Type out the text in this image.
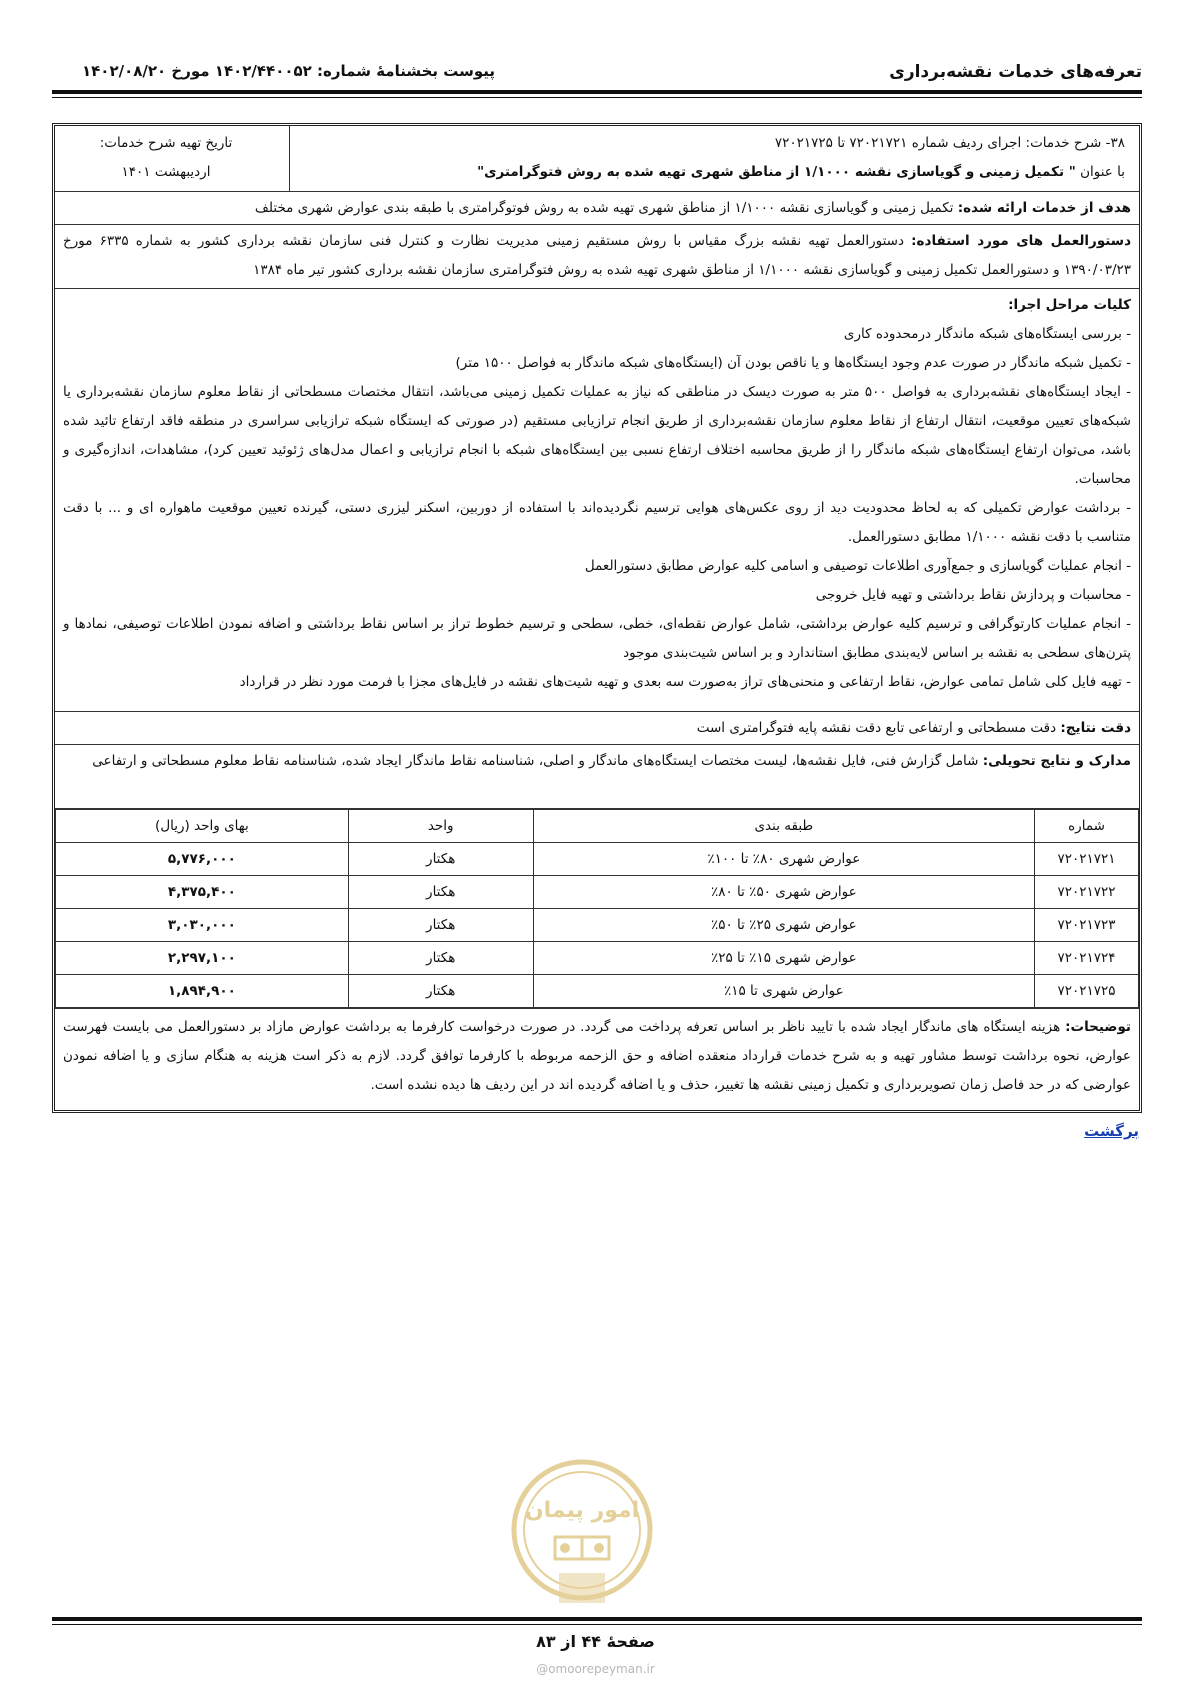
تعرفه‌های خدمات نقشه‌برداری
پیوست بخشنامۀ شماره: ۱۴۰۲/۴۴۰۰۵۲ مورخ ۱۴۰۲/۰۸/۲۰
۳۸- شرح خدمات: اجرای ردیف شماره ۷۲۰۲۱۷۲۱ تا ۷۲۰۲۱۷۲۵
با عنوان " تکمیل زمینی و گویاسازی نقشه ۱/۱۰۰۰ از مناطق شهری تهیه شده به روش فتوگرامتری"
تاریخ تهیه شرح خدمات:
اردیبهشت ۱۴۰۱
هدف از خدمات ارائه شده: تکمیل زمینی و گویاسازی نقشه ۱/۱۰۰۰ از مناطق شهری تهیه شده به روش فوتوگرامتری با طبقه بندی عوارض شهری مختلف
دستورالعمل های مورد استفاده: دستورالعمل تهیه نقشه بزرگ مقیاس با روش مستقیم زمینی مدیریت نظارت و کنترل فنی سازمان نقشه برداری کشور به شماره ۶۳۳۵ مورخ ۱۳۹۰/۰۳/۲۳ و دستورالعمل تکمیل زمینی و گویاسازی نقشه ۱/۱۰۰۰ از مناطق شهری تهیه شده به روش فتوگرامتری سازمان نقشه برداری کشور تیر ماه ۱۳۸۴
کلیات مراحل اجرا:
- بررسی ایستگاه‌های شبکه ماندگار درمحدوده کاری
- تکمیل شبکه ماندگار در صورت عدم وجود ایستگاه‌ها و یا ناقص بودن آن (ایستگاه‌های شبکه ماندگار به فواصل ۱۵۰۰ متر)
- ایجاد ایستگاه‌های نقشه‌برداری به فواصل ۵۰۰ متر به صورت دیسک در مناطقی که نیاز به عملیات تکمیل زمینی می‌باشد، انتقال مختصات مسطحاتی از نقاط معلوم سازمان نقشه‌برداری یا شبکه‌های تعیین موقعیت، انتقال ارتفاع از نقاط معلوم سازمان نقشه‌برداری از طریق انجام ترازیابی مستقیم (در صورتی که ایستگاه شبکه ترازیابی سراسری در منطقه فاقد ارتفاع تائید شده باشد، می‌توان ارتفاع ایستگاه‌های شبکه ماندگار را از طریق محاسبه اختلاف ارتفاع نسبی بین ایستگاه‌های شبکه با انجام ترازیابی و اعمال مدل‌های ژئوئید تعیین کرد)، مشاهدات، اندازه‌گیری و محاسبات.
- برداشت عوارض تکمیلی که به لحاظ محدودیت دید از روی عکس‌های هوایی ترسیم نگردیده‌اند با استفاده از دوربین، اسکنر لیزری دستی، گیرنده تعیین موقعیت ماهواره ای و ... با دقت متناسب با دقت نقشه ۱/۱۰۰۰ مطابق دستورالعمل.
- انجام عملیات گویاسازی و جمع‌آوری اطلاعات توصیفی و اسامی کلیه عوارض مطابق دستورالعمل
- محاسبات و پردازش نقاط برداشتی و تهیه فایل خروجی
- انجام عملیات کارتوگرافی و ترسیم کلیه عوارض برداشتی، شامل عوارض نقطه‌ای، خطی، سطحی و ترسیم خطوط تراز بر اساس نقاط برداشتی و اضافه نمودن اطلاعات توصیفی، نمادها و پترن‌های سطحی به نقشه بر اساس لایه‌بندی مطابق استاندارد و بر اساس شیت‌بندی موجود
- تهیه فایل کلی شامل تمامی عوارض، نقاط ارتفاعی و منحنی‌های تراز به‌صورت سه بعدی و تهیه شیت‌های نقشه در فایل‌های مجزا با فرمت مورد نظر در قرارداد
دقت نتایج: دقت مسطحاتی و ارتفاعی تابع دقت نقشه پایه فتوگرامتری است
مدارک و نتایج تحویلی: شامل گزارش فنی، فایل نقشه‌ها، لیست مختصات ایستگاه‌های ماندگار و اصلی، شناسنامه نقاط ماندگار ایجاد شده، شناسنامه نقاط معلوم مسطحاتی و ارتفاعی
شماره	طبقه بندی	واحد	بهای واحد (ریال)
۷۲۰۲۱۷۲۱	عوارض شهری ۸۰٪ تا ۱۰۰٪	هکتار	۵,۷۷۶,۰۰۰
۷۲۰۲۱۷۲۲	عوارض شهری ۵۰٪ تا ۸۰٪	هکتار	۴,۳۷۵,۴۰۰
۷۲۰۲۱۷۲۳	عوارض شهری ۲۵٪ تا ۵۰٪	هکتار	۳,۰۳۰,۰۰۰
۷۲۰۲۱۷۲۴	عوارض شهری ۱۵٪ تا ۲۵٪	هکتار	۲,۲۹۷,۱۰۰
۷۲۰۲۱۷۲۵	عوارض شهری تا ۱۵٪	هکتار	۱,۸۹۴,۹۰۰
توضیحات: هزینه ایستگاه های ماندگار ایجاد شده با تایید ناظر بر اساس تعرفه پرداخت می گردد. در صورت درخواست کارفرما به برداشت عوارض مازاد بر دستورالعمل می بایست فهرست عوارض، نحوه برداشت توسط مشاور تهیه و به شرح خدمات قرارداد منعقده اضافه و حق الزحمه مربوطه با کارفرما توافق گردد. لازم به ذکر است هزینه به هنگام سازی و یا اضافه نمودن عوارضی که در حد فاصل زمان تصویربرداری و تکمیل زمینی نقشه ها تغییر، حذف و یا اضافه گردیده اند در این ردیف ها دیده نشده است.
برگشت
امور پیمان
صفحۀ ۴۴ از ۸۳
@omoorepeyman.ir
